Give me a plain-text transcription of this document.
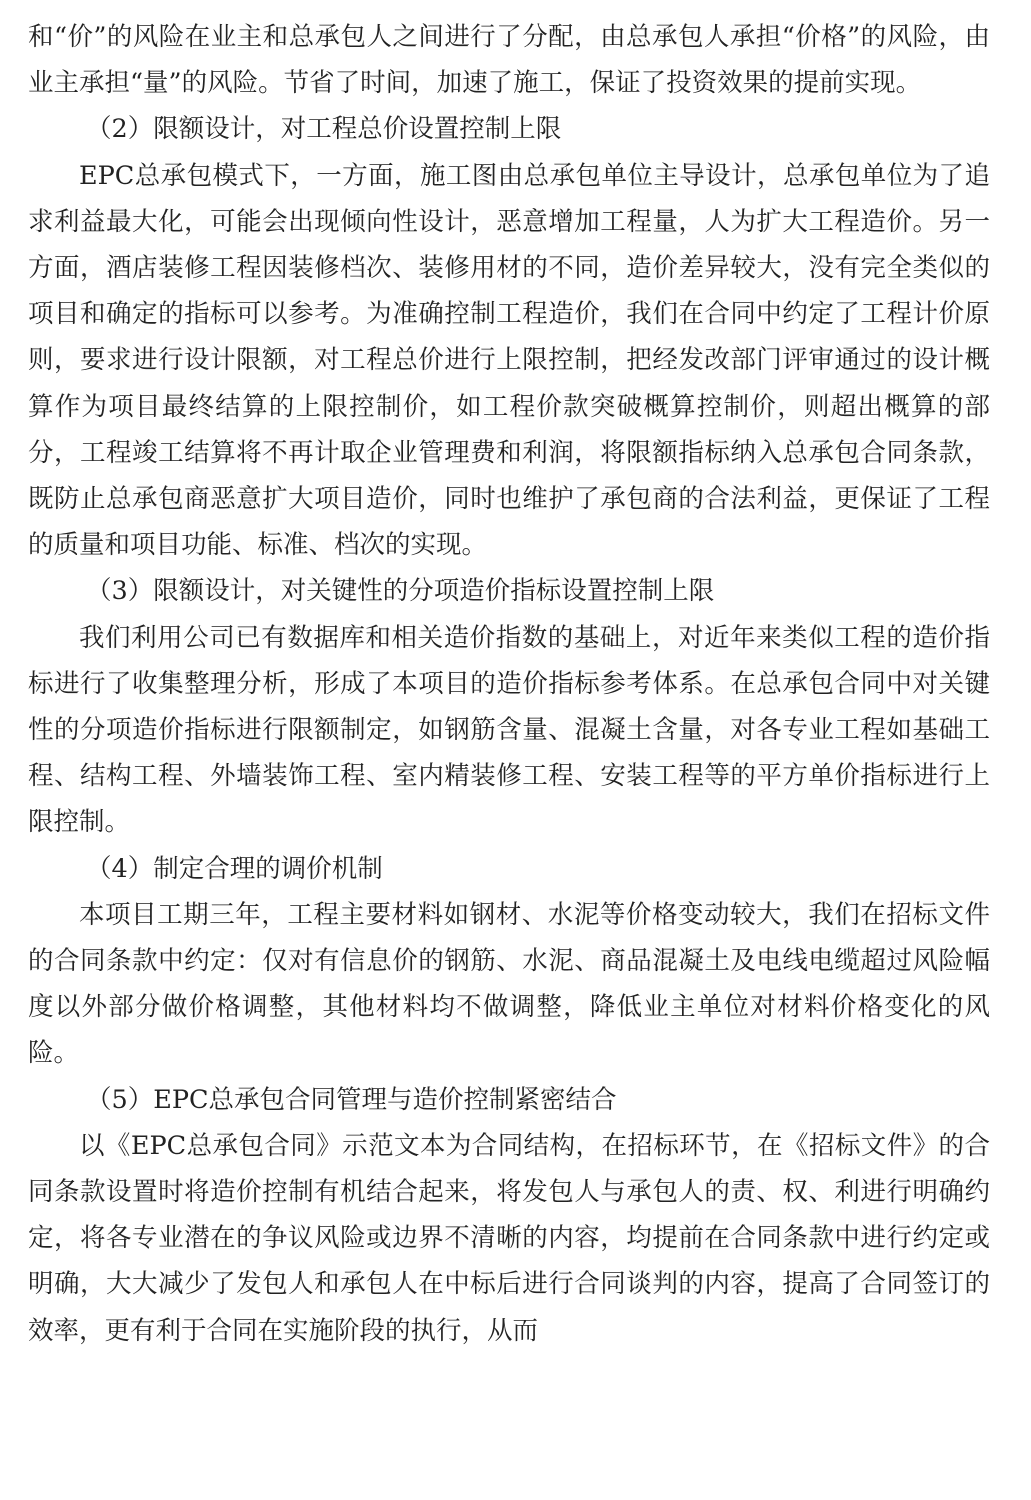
和“价”的风险在业主和总承包人之间进行了分配，由总承包人承担“价格”的风险，由业主承担“量”的风险。节省了时间，加速了施工，保证了投资效果的提前实现。

（2）限额设计，对工程总价设置控制上限

EPC总承包模式下，一方面，施工图由总承包单位主导设计，总承包单位为了追求利益最大化，可能会出现倾向性设计，恶意增加工程量，人为扩大工程造价。另一方面，酒店装修工程因装修档次、装修用材的不同，造价差异较大，没有完全类似的项目和确定的指标可以参考。为准确控制工程造价，我们在合同中约定了工程计价原则，要求进行设计限额，对工程总价进行上限控制，把经发改部门评审通过的设计概算作为项目最终结算的上限控制价，如工程价款突破概算控制价，则超出概算的部分，工程竣工结算将不再计取企业管理费和利润，将限额指标纳入总承包合同条款，既防止总承包商恶意扩大项目造价，同时也维护了承包商的合法利益，更保证了工程的质量和项目功能、标准、档次的实现。

（3）限额设计，对关键性的分项造价指标设置控制上限

我们利用公司已有数据库和相关造价指数的基础上，对近年来类似工程的造价指标进行了收集整理分析，形成了本项目的造价指标参考体系。在总承包合同中对关键性的分项造价指标进行限额制定，如钢筋含量、混凝土含量，对各专业工程如基础工程、结构工程、外墙装饰工程、室内精装修工程、安装工程等的平方单价指标进行上限控制。

（4）制定合理的调价机制

本项目工期三年，工程主要材料如钢材、水泥等价格变动较大，我们在招标文件的合同条款中约定：仅对有信息价的钢筋、水泥、商品混凝土及电线电缆超过风险幅度以外部分做价格调整，其他材料均不做调整，降低业主单位对材料价格变化的风险。

（5）EPC总承包合同管理与造价控制紧密结合

以《EPC总承包合同》示范文本为合同结构，在招标环节，在《招标文件》的合同条款设置时将造价控制有机结合起来，将发包人与承包人的责、权、利进行明确约定，将各专业潜在的争议风险或边界不清晰的内容，均提前在合同条款中进行约定或明确，大大减少了发包人和承包人在中标后进行合同谈判的内容，提高了合同签订的效率，更有利于合同在实施阶段的执行，从而
